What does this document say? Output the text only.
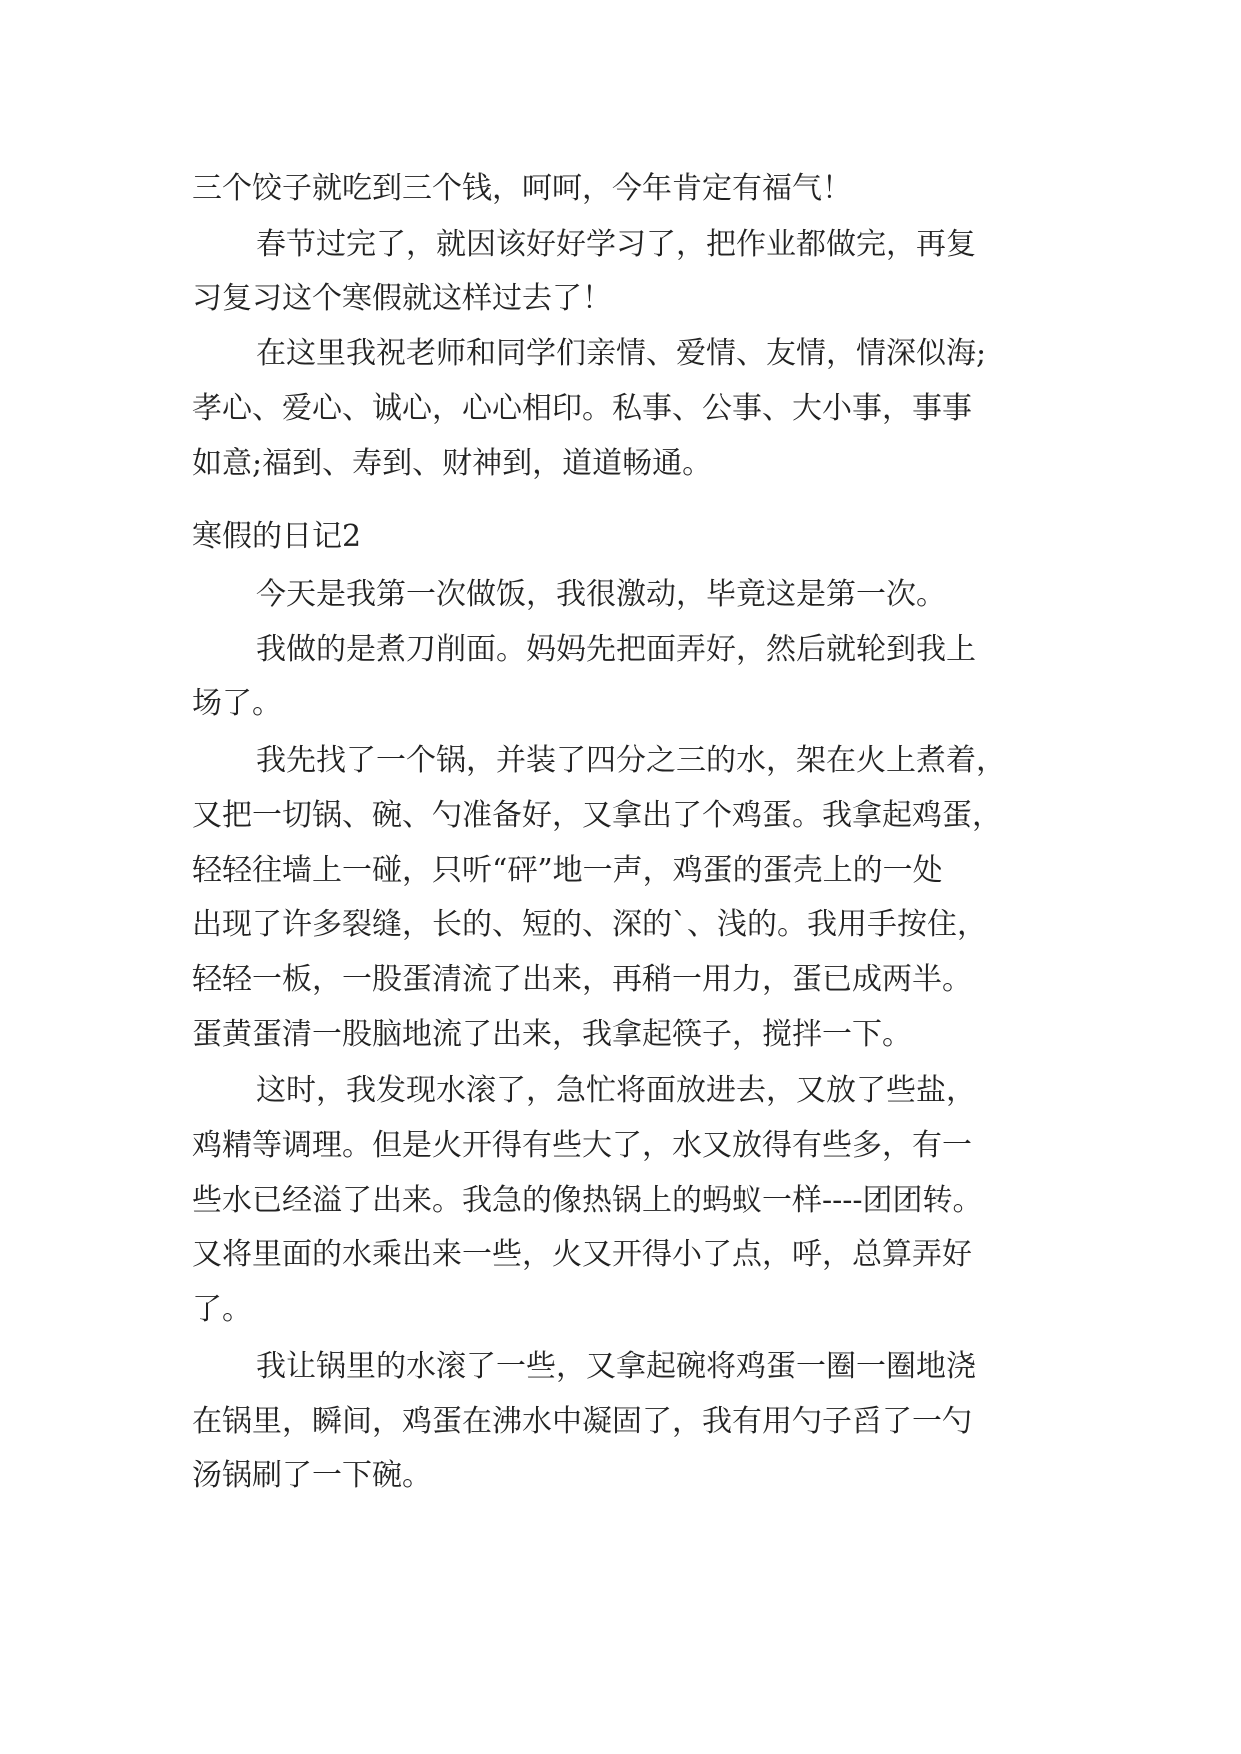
三个饺子就吃到三个钱，呵呵，今年肯定有福气！
春节过完了，就因该好好学习了，把作业都做完，再复
习复习这个寒假就这样过去了！
在这里我祝老师和同学们亲情、爱情、友情，情深似海;
孝心、爱心、诚心，心心相印。私事、公事、大小事，事事
如意;福到、寿到、财神到，道道畅通。
寒假的日记2
今天是我第一次做饭，我很激动，毕竟这是第一次。
我做的是煮刀削面。妈妈先把面弄好，然后就轮到我上
场了。
我先找了一个锅，并装了四分之三的水，架在火上煮着，
又把一切锅、碗、勺准备好，又拿出了个鸡蛋。我拿起鸡蛋，
轻轻往墙上一碰，只听“砰”地一声，鸡蛋的蛋壳上的一处
出现了许多裂缝，长的、短的、深的`、浅的。我用手按住，
轻轻一板，一股蛋清流了出来，再稍一用力，蛋已成两半。
蛋黄蛋清一股脑地流了出来，我拿起筷子，搅拌一下。
这时，我发现水滚了，急忙将面放进去，又放了些盐，
鸡精等调理。但是火开得有些大了，水又放得有些多，有一
些水已经溢了出来。我急的像热锅上的蚂蚁一样----团团转。
又将里面的水乘出来一些，火又开得小了点，呼，总算弄好
了。
我让锅里的水滚了一些，又拿起碗将鸡蛋一圈一圈地浇
在锅里，瞬间，鸡蛋在沸水中凝固了，我有用勺子舀了一勺
汤锅刷了一下碗。
